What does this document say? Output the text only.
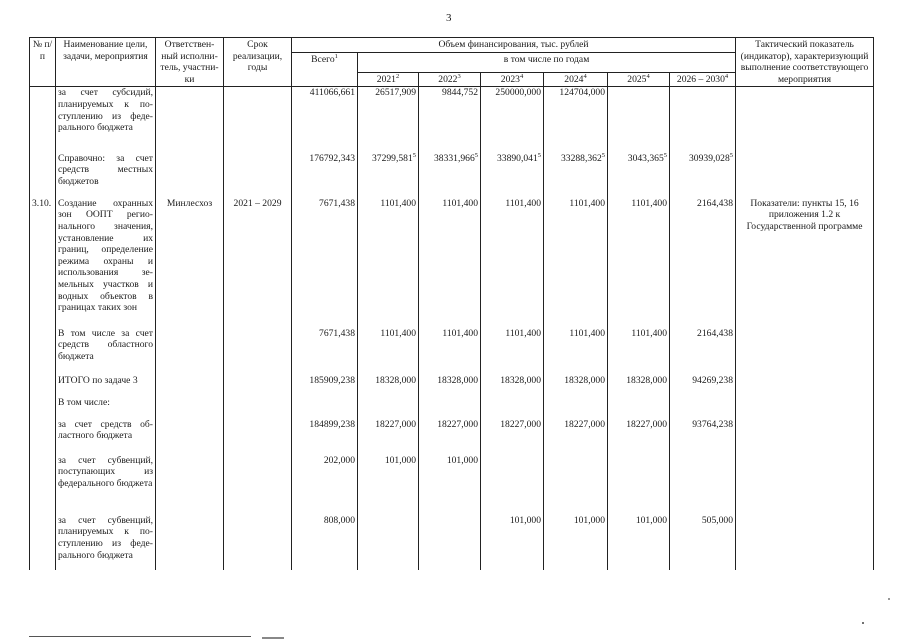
3
№ п/п	Наименование цели, задачи, мероприятия	Ответственный исполнитель, участники	Срок реализации, годы	Объем финансирования, тыс. рублей							Тактический показатель (индикатор), характеризующий выполнение соответствующего мероприятия
				Всего$^1$	в том числе по годам						
					2021$^2$	2022$^3$	2023$^4$	2024$^4$	2025$^4$	2026 – 2030$^4$
	за счет субсидий, планируемых к поступлению из федерального бюджета			411066,661	26517,909	9844,752	250000,000	124704,000			
	Справочно: за счет средств местных бюджетов			176792,343	37299,581$^5$	38331,966$^5$	33890,041$^5$	33288,362$^5$	3043,365$^5$	30939,028$^5$	
3.10.	Создание охранных зон ООПТ регионального значения, установление их границ, определение режима охраны и использования земельных участков и водных объектов в границах таких зон	Минлесхоз	2021 – 2029	7671,438	1101,400	1101,400	1101,400	1101,400	1101,400	2164,438	Показатели: пункты 15, 16 приложения 1.2 к Государственной программе
	В том числе за счет средств областного бюджета			7671,438	1101,400	1101,400	1101,400	1101,400	1101,400	2164,438	
	ИТОГО по задаче 3			185909,238	18328,000	18328,000	18328,000	18328,000	18328,000	94269,238	
	В том числе:										
	за счет средств областного бюджета			184899,238	18227,000	18227,000	18227,000	18227,000	18227,000	93764,238	
	за счет субвенций, поступающих из федерального бюджета			202,000	101,000	101,000					
	за счет субвенций, планируемых к поступлению из федерального бюджета			808,000			101,000	101,000	101,000	505,000	
